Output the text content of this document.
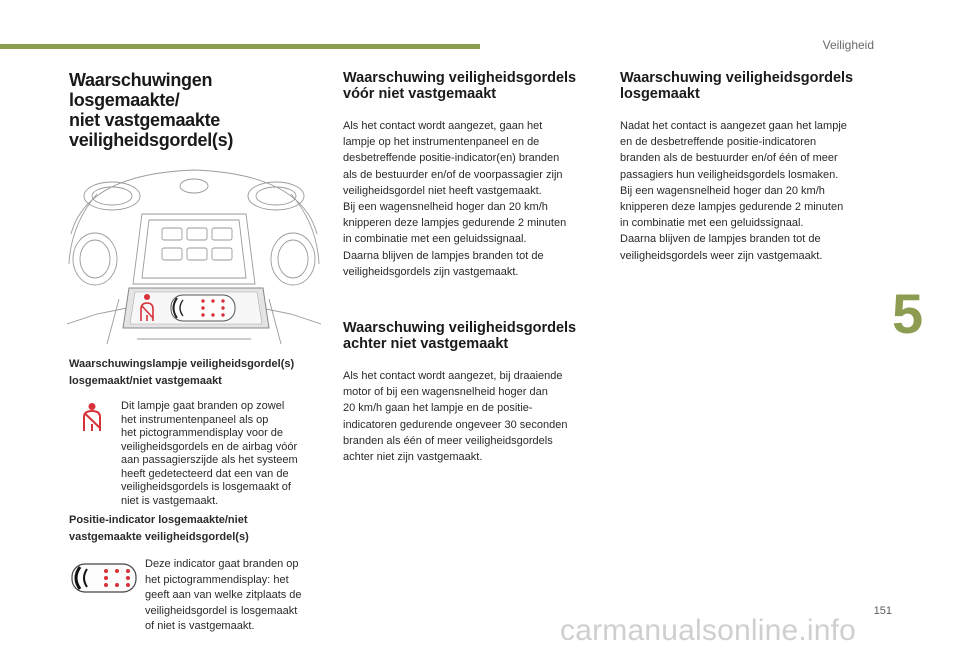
Veiligheid
5
151
carmanualsonline.info
Waarschuwingen losgemaakte/
niet vastgemaakte
veiligheidsgordel(s)
Waarschuwingslampje veiligheidsgordel(s)
losgemaakt/niet vastgemaakt
Dit lampje gaat branden op zowel
het instrumentenpaneel als op
het pictogrammendisplay voor de
veiligheidsgordels en de airbag vóór
aan passagierszijde als het systeem
heeft gedetecteerd dat een van de
veiligheidsgordels is losgemaakt of
niet is vastgemaakt.
Positie-indicator losgemaakte/niet
vastgemaakte veiligheidsgordel(s)
Deze indicator gaat branden op
het pictogrammendisplay: het
geeft aan van welke zitplaats de
veiligheidsgordel is losgemaakt
of niet is vastgemaakt.
Waarschuwing veiligheidsgordels
vóór niet vastgemaakt
Als het contact wordt aangezet, gaan het
lampje op het instrumentenpaneel en de
desbetreffende positie-indicator(en) branden
als de bestuurder en/of de voorpassagier zijn
veiligheidsgordel niet heeft vastgemaakt.
Bij een wagensnelheid hoger dan 20 km/h
knipperen deze lampjes gedurende 2 minuten
in combinatie met een geluidssignaal.
Daarna blijven de lampjes branden tot de
veiligheidsgordels zijn vastgemaakt.
Waarschuwing veiligheidsgordels
achter niet vastgemaakt
Als het contact wordt aangezet, bij draaiende
motor of bij een wagensnelheid hoger dan
20 km/h gaan het lampje en de positie-
indicatoren gedurende ongeveer 30 seconden
branden als één of meer veiligheidsgordels
achter niet zijn vastgemaakt.
Waarschuwing veiligheidsgordels
losgemaakt
Nadat het contact is aangezet gaan het lampje
en de desbetreffende positie-indicatoren
branden als de bestuurder en/of één of meer
passagiers hun veiligheidsgordels losmaken.
Bij een wagensnelheid hoger dan 20 km/h
knipperen deze lampjes gedurende 2 minuten
in combinatie met een geluidssignaal.
Daarna blijven de lampjes branden tot de
veiligheidsgordels weer zijn vastgemaakt.
